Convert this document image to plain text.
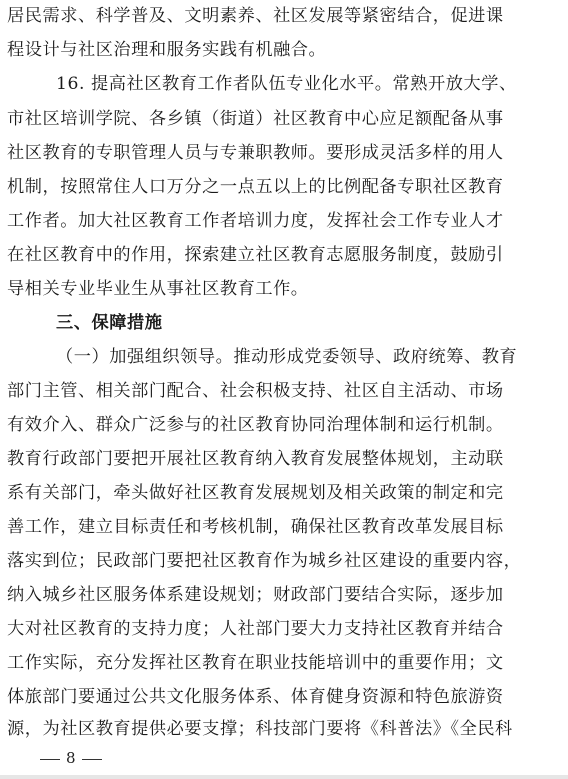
居民需求、科学普及、文明素养、社区发展等紧密结合，促进课
程设计与社区治理和服务实践有机融合。
16. 提高社区教育工作者队伍专业化水平。常熟开放大学、
市社区培训学院、各乡镇（街道）社区教育中心应足额配备从事
社区教育的专职管理人员与专兼职教师。要形成灵活多样的用人
机制，按照常住人口万分之一点五以上的比例配备专职社区教育
工作者。加大社区教育工作者培训力度，发挥社会工作专业人才
在社区教育中的作用，探索建立社区教育志愿服务制度，鼓励引
导相关专业毕业生从事社区教育工作。
三、保障措施
（一）加强组织领导。推动形成党委领导、政府统筹、教育
部门主管、相关部门配合、社会积极支持、社区自主活动、市场
有效介入、群众广泛参与的社区教育协同治理体制和运行机制。
教育行政部门要把开展社区教育纳入教育发展整体规划，主动联
系有关部门，牵头做好社区教育发展规划及相关政策的制定和完
善工作，建立目标责任和考核机制，确保社区教育改革发展目标
落实到位；民政部门要把社区教育作为城乡社区建设的重要内容，
纳入城乡社区服务体系建设规划；财政部门要结合实际，逐步加
大对社区教育的支持力度；人社部门要大力支持社区教育并结合
工作实际，充分发挥社区教育在职业技能培训中的重要作用；文
体旅部门要通过公共文化服务体系、体育健身资源和特色旅游资
源，为社区教育提供必要支撑；科技部门要将《科普法》《全民科
8
